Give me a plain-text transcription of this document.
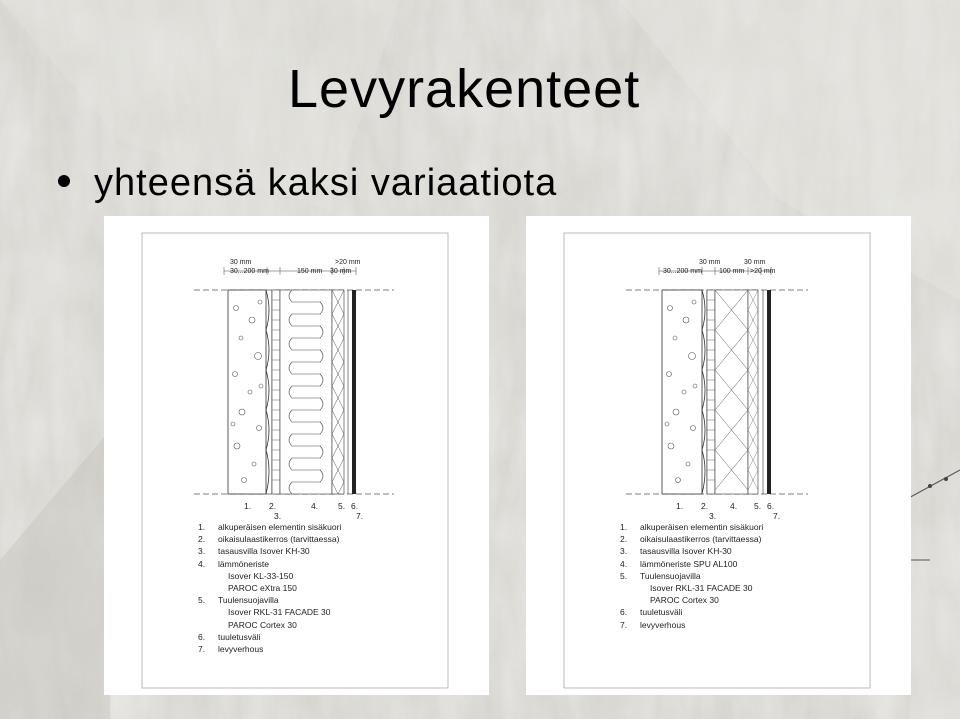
Levyrakenteet
yhteensä kaksi variaatiota
30 mm	>20 mm
30...200 mm	150 mm 30 mm
1. 2.	4. 5. 6.
3.	7.
1. alkuperäisen elementin sisäkuori
2. oikaisulaastikerros (tarvittaessa)
3. tasausvilla Isover KH-30
4. lämmöneriste
Isover KL-33-150
PAROC eXtra 150
5. Tuulensuojavilla
Isover RKL-31 FACADE 30
PAROC Cortex 30
6. tuuletusväli
7. levyverhous
30 mm	30 mm
30...200 mm 100 mm >20 mm
1. 2.	4. 5. 6.
3.	7.
1. alkuperäisen elementin sisäkuori
2. oikaisulaastikerros (tarvittaessa)
3. tasausvilla Isover KH-30
4. lämmöneriste SPU AL100
5. Tuulensuojavilla
Isover RKL-31 FACADE 30
PAROC Cortex 30
6. tuuletusväli
7. levyverhous
